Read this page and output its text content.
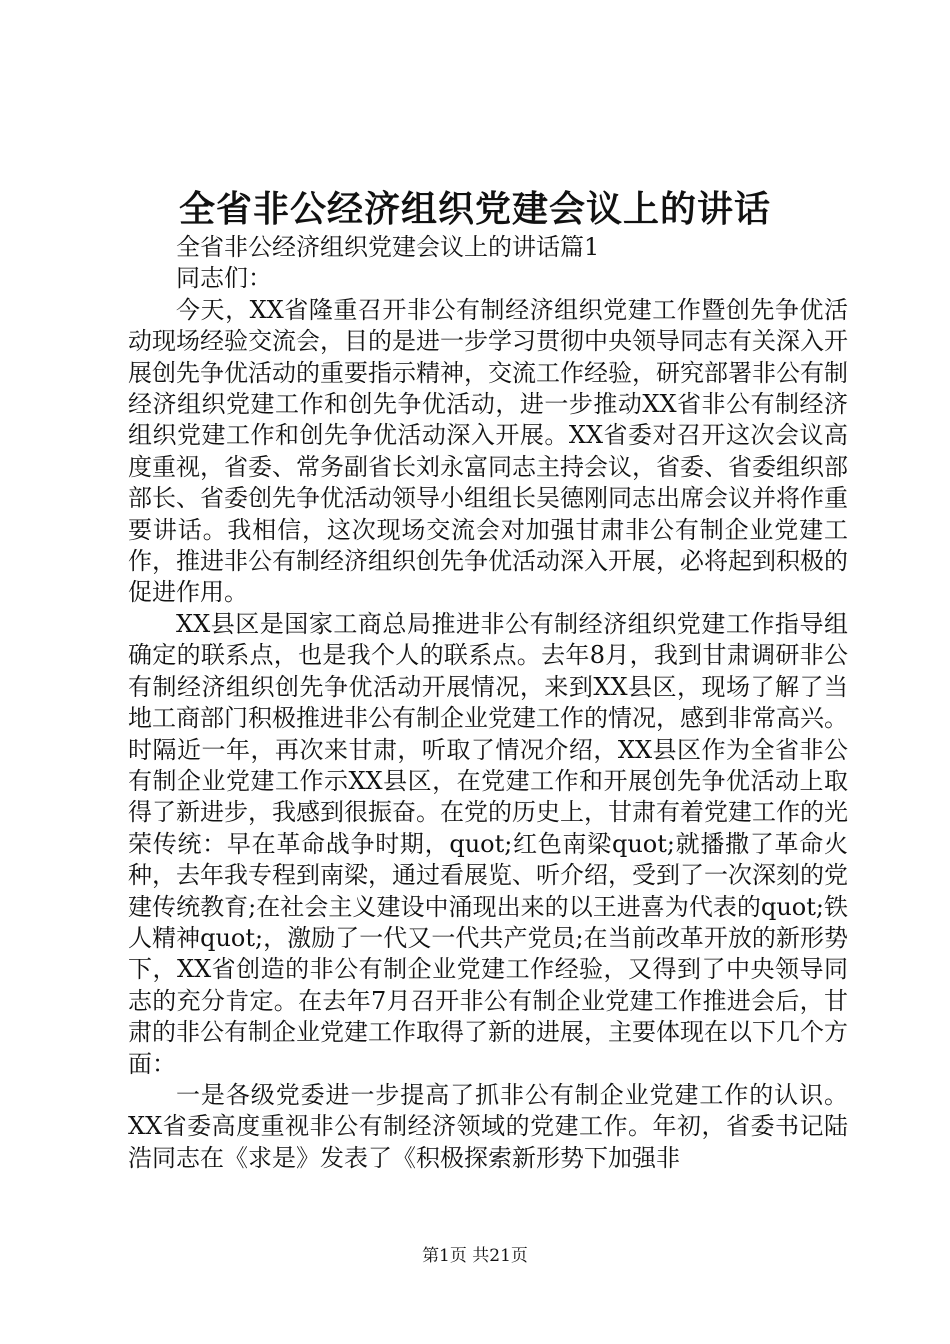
全省非公经济组织党建会议上的讲话

全省非公经济组织党建会议上的讲话篇1

同志们：

今天，XX省隆重召开非公有制经济组织党建工作暨创先争优活动现场经验交流会，目的是进一步学习贯彻中央领导同志有关深入开展创先争优活动的重要指示精神，交流工作经验，研究部署非公有制经济组织党建工作和创先争优活动，进一步推动XX省非公有制经济组织党建工作和创先争优活动深入开展。XX省委对召开这次会议高度重视，省委、常务副省长刘永富同志主持会议，省委、省委组织部部长、省委创先争优活动领导小组组长吴德刚同志出席会议并将作重要讲话。我相信，这次现场交流会对加强甘肃非公有制企业党建工作，推进非公有制经济组织创先争优活动深入开展，必将起到积极的促进作用。

XX县区是国家工商总局推进非公有制经济组织党建工作指导组确定的联系点，也是我个人的联系点。去年8月，我到甘肃调研非公有制经济组织创先争优活动开展情况，来到XX县区，现场了解了当地工商部门积极推进非公有制企业党建工作的情况，感到非常高兴。时隔近一年，再次来甘肃，听取了情况介绍，XX县区作为全省非公有制企业党建工作示XX县区，在党建工作和开展创先争优活动上取得了新进步，我感到很振奋。在党的历史上，甘肃有着党建工作的光荣传统：早在革命战争时期，quot;红色南梁quot;就播撒了革命火种，去年我专程到南梁，通过看展览、听介绍，受到了一次深刻的党建传统教育;在社会主义建设中涌现出来的以王进喜为代表的quot;铁人精神quot;，激励了一代又一代共产党员;在当前改革开放的新形势下，XX省创造的非公有制企业党建工作经验，又得到了中央领导同志的充分肯定。在去年7月召开非公有制企业党建工作推进会后，甘肃的非公有制企业党建工作取得了新的进展，主要体现在以下几个方面：

一是各级党委进一步提高了抓非公有制企业党建工作的认识。XX省委高度重视非公有制经济领域的党建工作。年初，省委书记陆浩同志在《求是》发表了《积极探索新形势下加强非

第1页 共21页
